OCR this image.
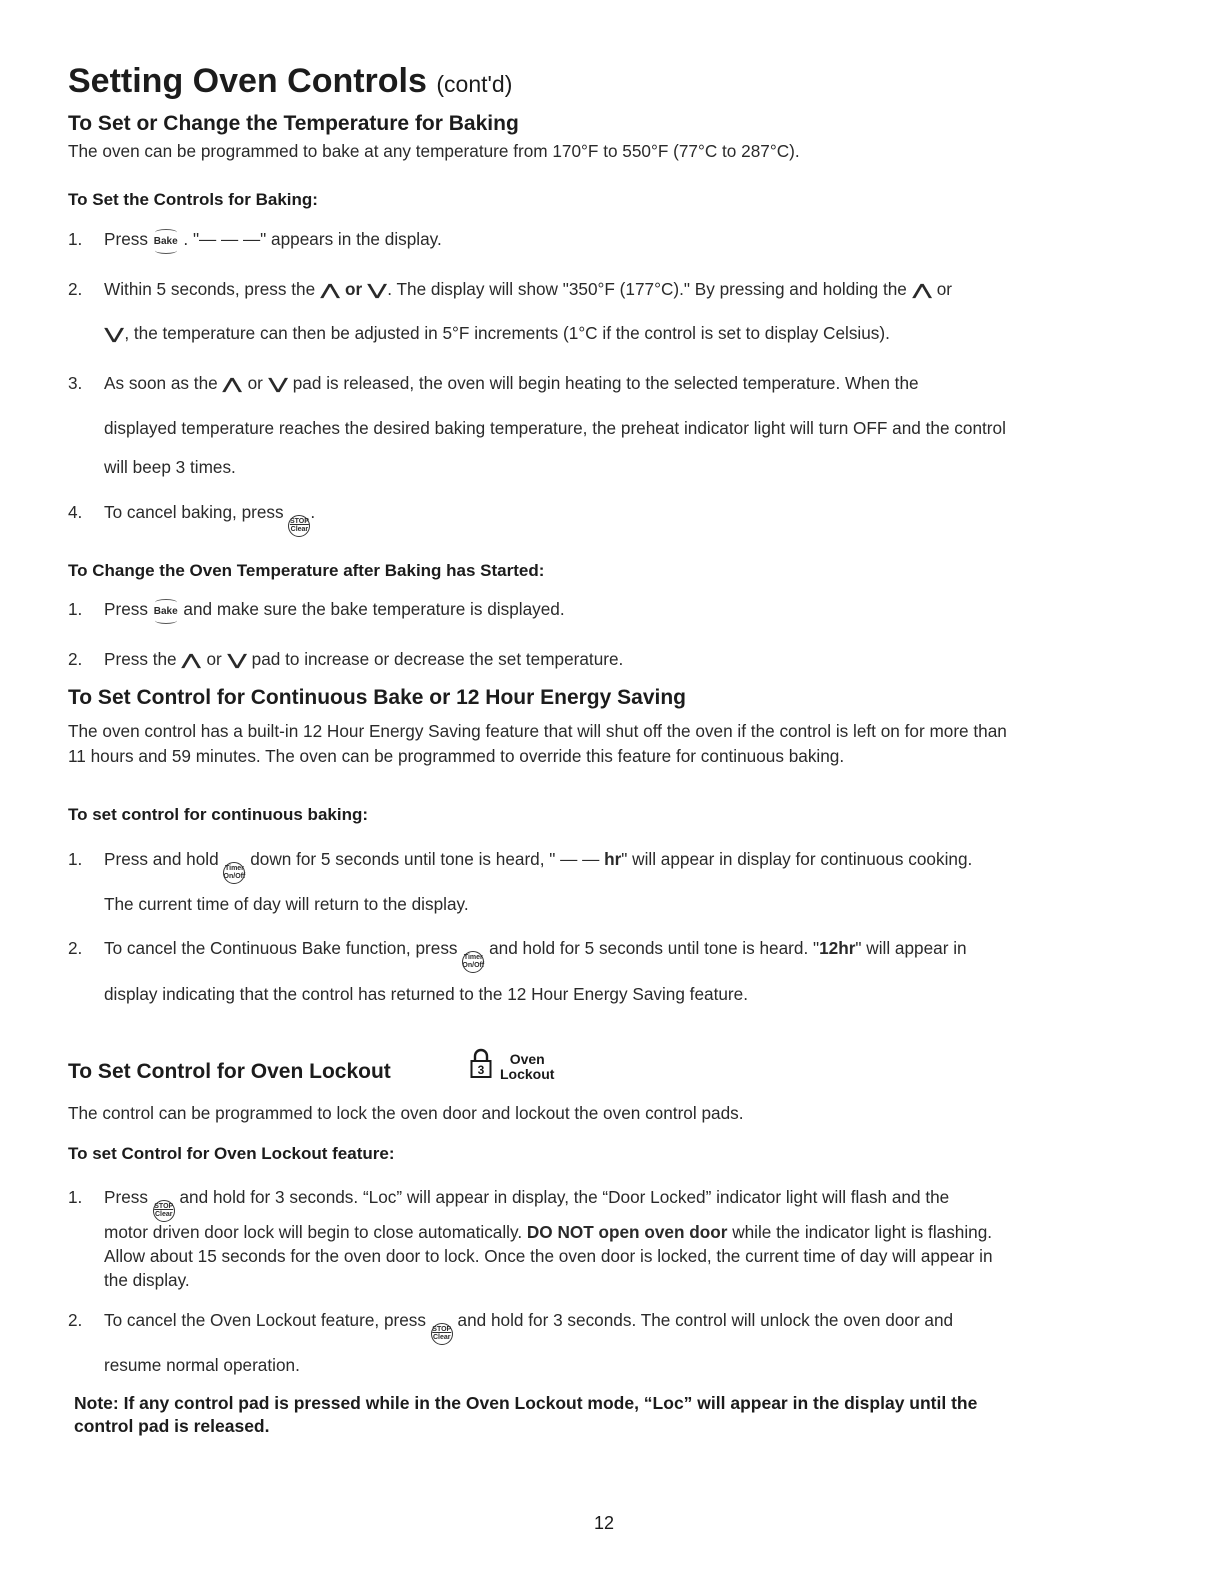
Setting Oven Controls (cont'd)
To Set or Change the Temperature for Baking
The oven can be programmed to bake at any temperature from 170°F to 550°F (77°C to 287°C).
To Set the Controls for Baking:
1. Press Bake . "— — —" appears in the display.
2. Within 5 seconds, press the ⋀ or ⋁. The display will show "350°F (177°C)." By pressing and holding the ⋀ or
⋁, the temperature can then be adjusted in 5°F increments (1°C if the control is set to display Celsius).
3. As soon as the ⋀ or ⋁ pad is released, the oven will begin heating to the selected temperature. When the
displayed temperature reaches the desired baking temperature, the preheat indicator light will turn OFF and the control
will beep 3 times.
4. To cancel baking, press STOP
Clear
.
To Change the Oven Temperature after Baking has Started:
1. Press Bake and make sure the bake temperature is displayed.
2. Press the ⋀ or ⋁ pad to increase or decrease the set temperature.
To Set Control for Continuous Bake or 12 Hour Energy Saving
The oven control has a built-in 12 Hour Energy Saving feature that will shut off the oven if the control is left on for more than
11 hours and 59 minutes. The oven can be programmed to override this feature for continuous baking.
To set control for continuous baking:
1. Press and hold Timer
On/Off
down for 5 seconds until tone is heard, " — — hr" will appear in display for continuous cooking.
The current time of day will return to the display.
2. To cancel the Continuous Bake function, press Timer
On/Off
and hold for 5 seconds until tone is heard. "12hr" will appear in
display indicating that the control has returned to the 12 Hour Energy Saving feature.
To Set Control for Oven Lockout	3
Oven
Lockout
The control can be programmed to lock the oven door and lockout the oven control pads.
To set Control for Oven Lockout feature:
1. Press STOP
Clear
and hold for 3 seconds. “Loc” will appear in display, the “Door Locked” indicator light will flash and the
motor driven door lock will begin to close automatically. DO NOT open oven door while the indicator light is flashing.
Allow about 15 seconds for the oven door to lock. Once the oven door is locked, the current time of day will appear in
the display.
2. To cancel the Oven Lockout feature, press STOP
Clear
and hold for 3 seconds. The control will unlock the oven door and
resume normal operation.
Note: If any control pad is pressed while in the Oven Lockout mode, “Loc” will appear in the display until the
control pad is released.
12
